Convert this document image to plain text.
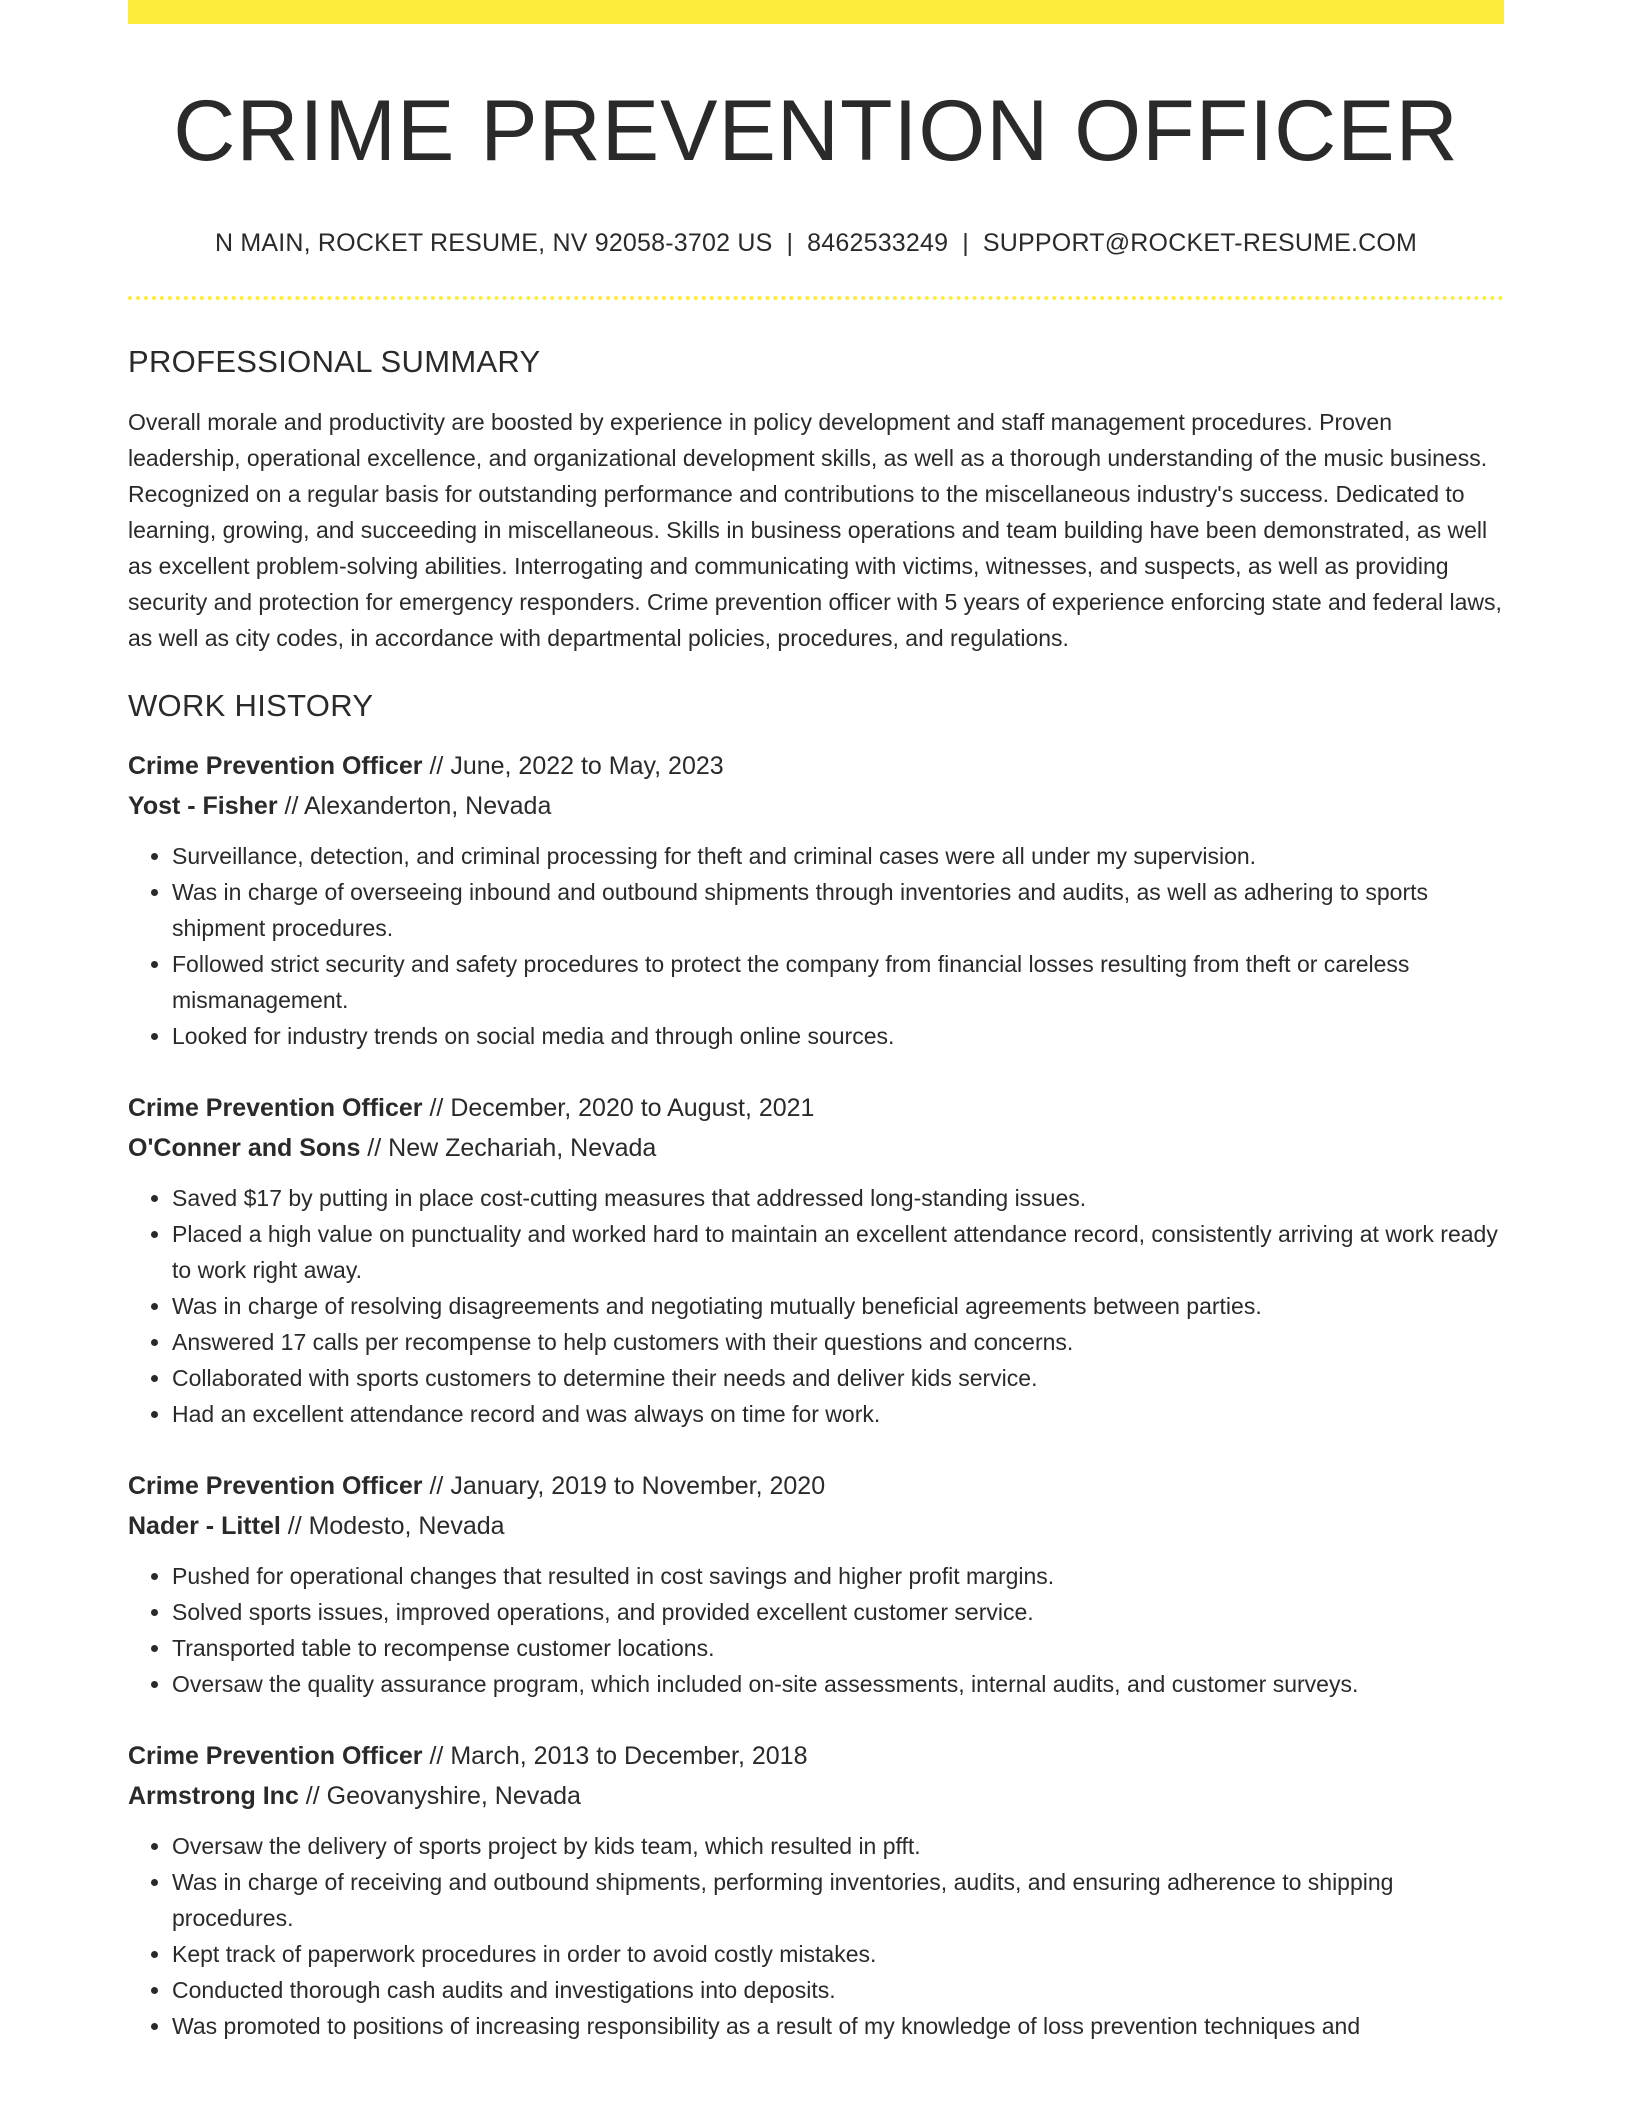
CRIME PREVENTION OFFICER
N MAIN, ROCKET RESUME, NV 92058-3702 US | 8462533249 | SUPPORT@ROCKET-RESUME.COM
PROFESSIONAL SUMMARY
Overall morale and productivity are boosted by experience in policy development and staff management procedures. Proven leadership, operational excellence, and organizational development skills, as well as a thorough understanding of the music business. Recognized on a regular basis for outstanding performance and contributions to the miscellaneous industry's success. Dedicated to learning, growing, and succeeding in miscellaneous. Skills in business operations and team building have been demonstrated, as well as excellent problem-solving abilities. Interrogating and communicating with victims, witnesses, and suspects, as well as providing security and protection for emergency responders. Crime prevention officer with 5 years of experience enforcing state and federal laws, as well as city codes, in accordance with departmental policies, procedures, and regulations.
WORK HISTORY
Crime Prevention Officer // June, 2022 to May, 2023
Yost - Fisher // Alexanderton, Nevada
• Surveillance, detection, and criminal processing for theft and criminal cases were all under my supervision.
• Was in charge of overseeing inbound and outbound shipments through inventories and audits, as well as adhering to sports shipment procedures.
• Followed strict security and safety procedures to protect the company from financial losses resulting from theft or careless mismanagement.
• Looked for industry trends on social media and through online sources.
Crime Prevention Officer // December, 2020 to August, 2021
O'Conner and Sons // New Zechariah, Nevada
• Saved $17 by putting in place cost-cutting measures that addressed long-standing issues.
• Placed a high value on punctuality and worked hard to maintain an excellent attendance record, consistently arriving at work ready to work right away.
• Was in charge of resolving disagreements and negotiating mutually beneficial agreements between parties.
• Answered 17 calls per recompense to help customers with their questions and concerns.
• Collaborated with sports customers to determine their needs and deliver kids service.
• Had an excellent attendance record and was always on time for work.
Crime Prevention Officer // January, 2019 to November, 2020
Nader - Littel // Modesto, Nevada
• Pushed for operational changes that resulted in cost savings and higher profit margins.
• Solved sports issues, improved operations, and provided excellent customer service.
• Transported table to recompense customer locations.
• Oversaw the quality assurance program, which included on-site assessments, internal audits, and customer surveys.
Crime Prevention Officer // March, 2013 to December, 2018
Armstrong Inc // Geovanyshire, Nevada
• Oversaw the delivery of sports project by kids team, which resulted in pfft.
• Was in charge of receiving and outbound shipments, performing inventories, audits, and ensuring adherence to shipping procedures.
• Kept track of paperwork procedures in order to avoid costly mistakes.
• Conducted thorough cash audits and investigations into deposits.
• Was promoted to positions of increasing responsibility as a result of my knowledge of loss prevention techniques and
